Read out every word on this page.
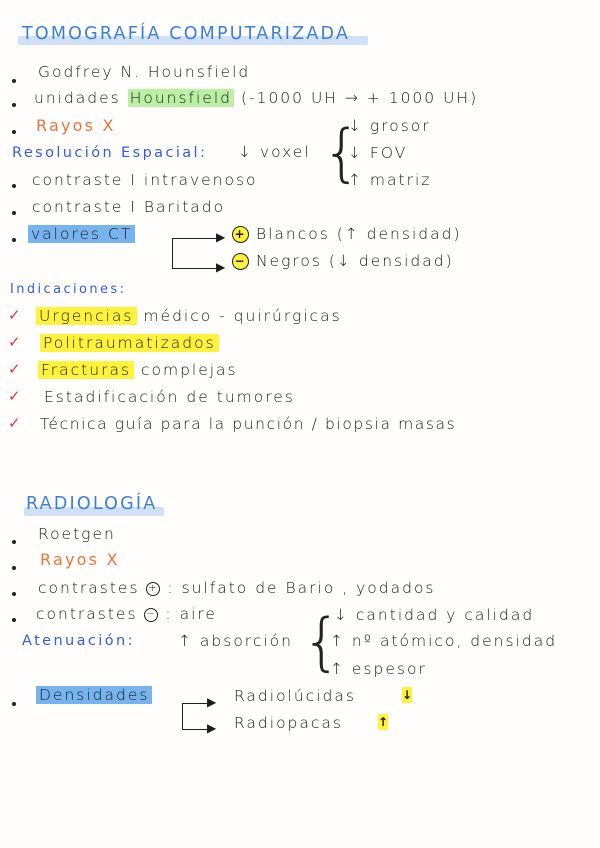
TOMOGRAFÍA COMPUTARIZADA
Godfrey N. Hounsfield
unidades Hounsfield (-1000 UH → + 1000 UH)
Rayos X
Resolución Espacial: ↓ voxel {
↓ grosor
↓ FOV
↑ matriz
contraste I intravenoso
contraste I Baritado
valores CT	▶
▶
+ Blancos (↑ densidad)
− Negros (↓ densidad)
Indicaciones:
✓ Urgencias médico - quirúrgicas
✓ Politraumatizados
✓ Fracturas complejas
✓ Estadificación de tumores
✓ Técnica guía para la punción / biopsia masas
RADIOLOGÍA
Roetgen
Rayos X
contrastes + : sulfato de Bario , yodados
contrastes − : aire
Atenuación:	↑ absorción {
↓ cantidad y calidad
↑ nº atómico, densidad
↑ espesor
Densidades	▶
▶
Radiolúcidas	↓
Radiopacas	↑
